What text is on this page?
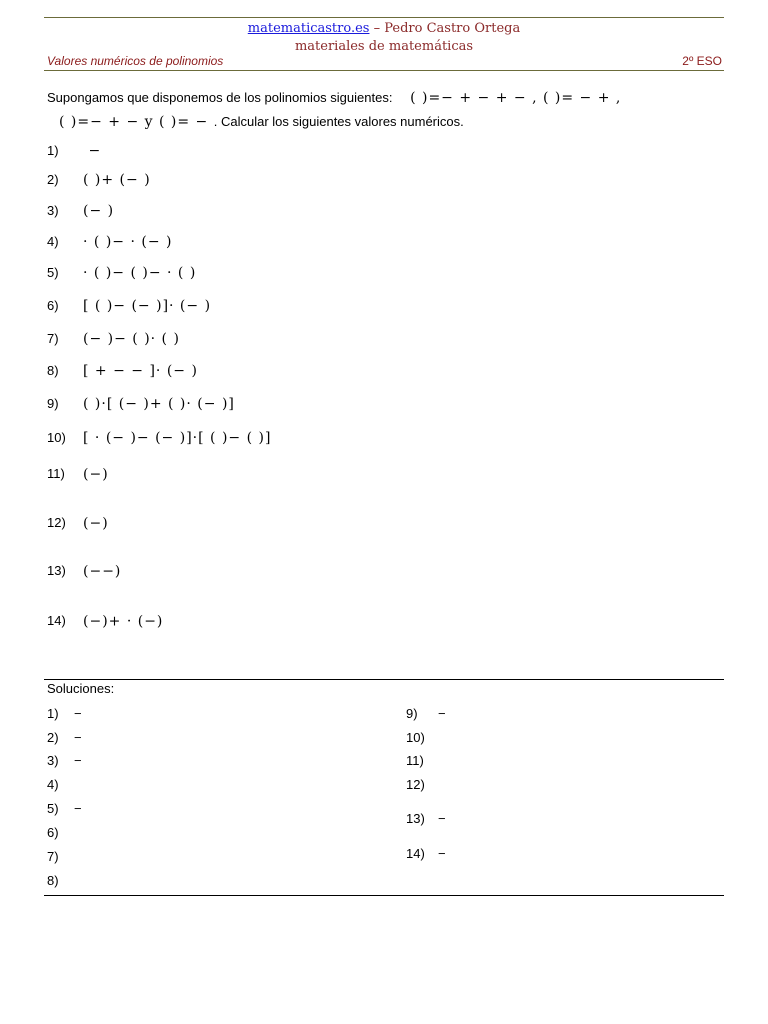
matematicastro.es – Pedro Castro Ortega
materiales de matemáticas
Valores numéricos de polinomios	2º ESO
Supongamos que disponemos de los polinomios siguientes: ( )=− + − + − , ( )= − + ,
( )=− + − y ( )= − . Calcular los siguientes valores numéricos.
1) −
2) ( )+ (− )
3) (− )
4) · ( )− · (− )
5) · ( )− ( )− · ( )
6) [ ( )− (− )]· (− )
7) (− )− ( )· ( )
8) [ + − − ]· (− )
9) ( )·[ (− )+ ( )· (− )]
10) [ · (− )− (− )]·[ ( )− ( )]
11) (−)
12) (−)
13) (−−)
14) (−)+ · (−)
Soluciones:
1) −
2) −
3) −
4)
5) −
6)
7)
8)
9) −
10)
11)
12)
13) −
14) −
